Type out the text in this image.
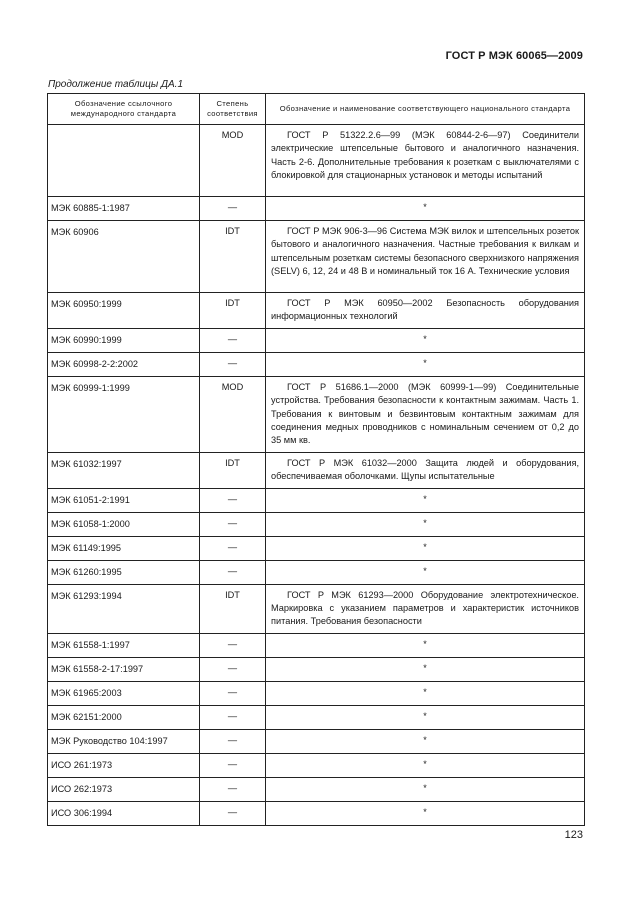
ГОСТ Р МЭК 60065—2009
Продолжение таблицы ДА.1
Обозначение ссылочного международного стандарта	Степень соответствия	Обозначение и наименование соответствующего национального стандарта
	MOD	ГОСТ Р 51322.2.6—99 (МЭК 60844-2-6—97) Соединители электрические штепсельные бытового и аналогичного назначения. Часть 2-6. Дополнительные требования к розеткам с выключателями с блокировкой для стационарных установок и методы испытаний
МЭК 60885-1:1987	—	*
МЭК 60906	IDT	ГОСТ Р МЭК 906-3—96 Система МЭК вилок и штепсельных розеток бытового и аналогичного назначения. Частные требования к вилкам и штепсельным розеткам системы безопасного сверхнизкого напряжения (SELV) 6, 12, 24 и 48 В и номинальный ток 16 А. Технические условия
МЭК 60950:1999	IDT	ГОСТ Р МЭК 60950—2002 Безопасность оборудования информационных технологий
МЭК 60990:1999	—	*
МЭК 60998-2-2:2002	—	*
МЭК 60999-1:1999	MOD	ГОСТ Р 51686.1—2000 (МЭК 60999-1—99) Соединительные устройства. Требования безопасности к контактным зажимам. Часть 1. Требования к винтовым и безвинтовым контактным зажимам для соединения медных проводников с номинальным сечением от 0,2 до 35 мм кв.
МЭК 61032:1997	IDT	ГОСТ Р МЭК 61032—2000 Защита людей и оборудования, обеспечиваемая оболочками. Щупы испытательные
МЭК 61051-2:1991	—	*
МЭК 61058-1:2000	—	*
МЭК 61149:1995	—	*
МЭК 61260:1995	—	*
МЭК 61293:1994	IDT	ГОСТ Р МЭК 61293—2000 Оборудование электротехническое. Маркировка с указанием параметров и характеристик источников питания. Требования безопасности
МЭК 61558-1:1997	—	*
МЭК 61558-2-17:1997	—	*
МЭК 61965:2003	—	*
МЭК 62151:2000	—	*
МЭК Руководство 104:1997	—	*
ИСО 261:1973	—	*
ИСО 262:1973	—	*
ИСО 306:1994	—	*
123
